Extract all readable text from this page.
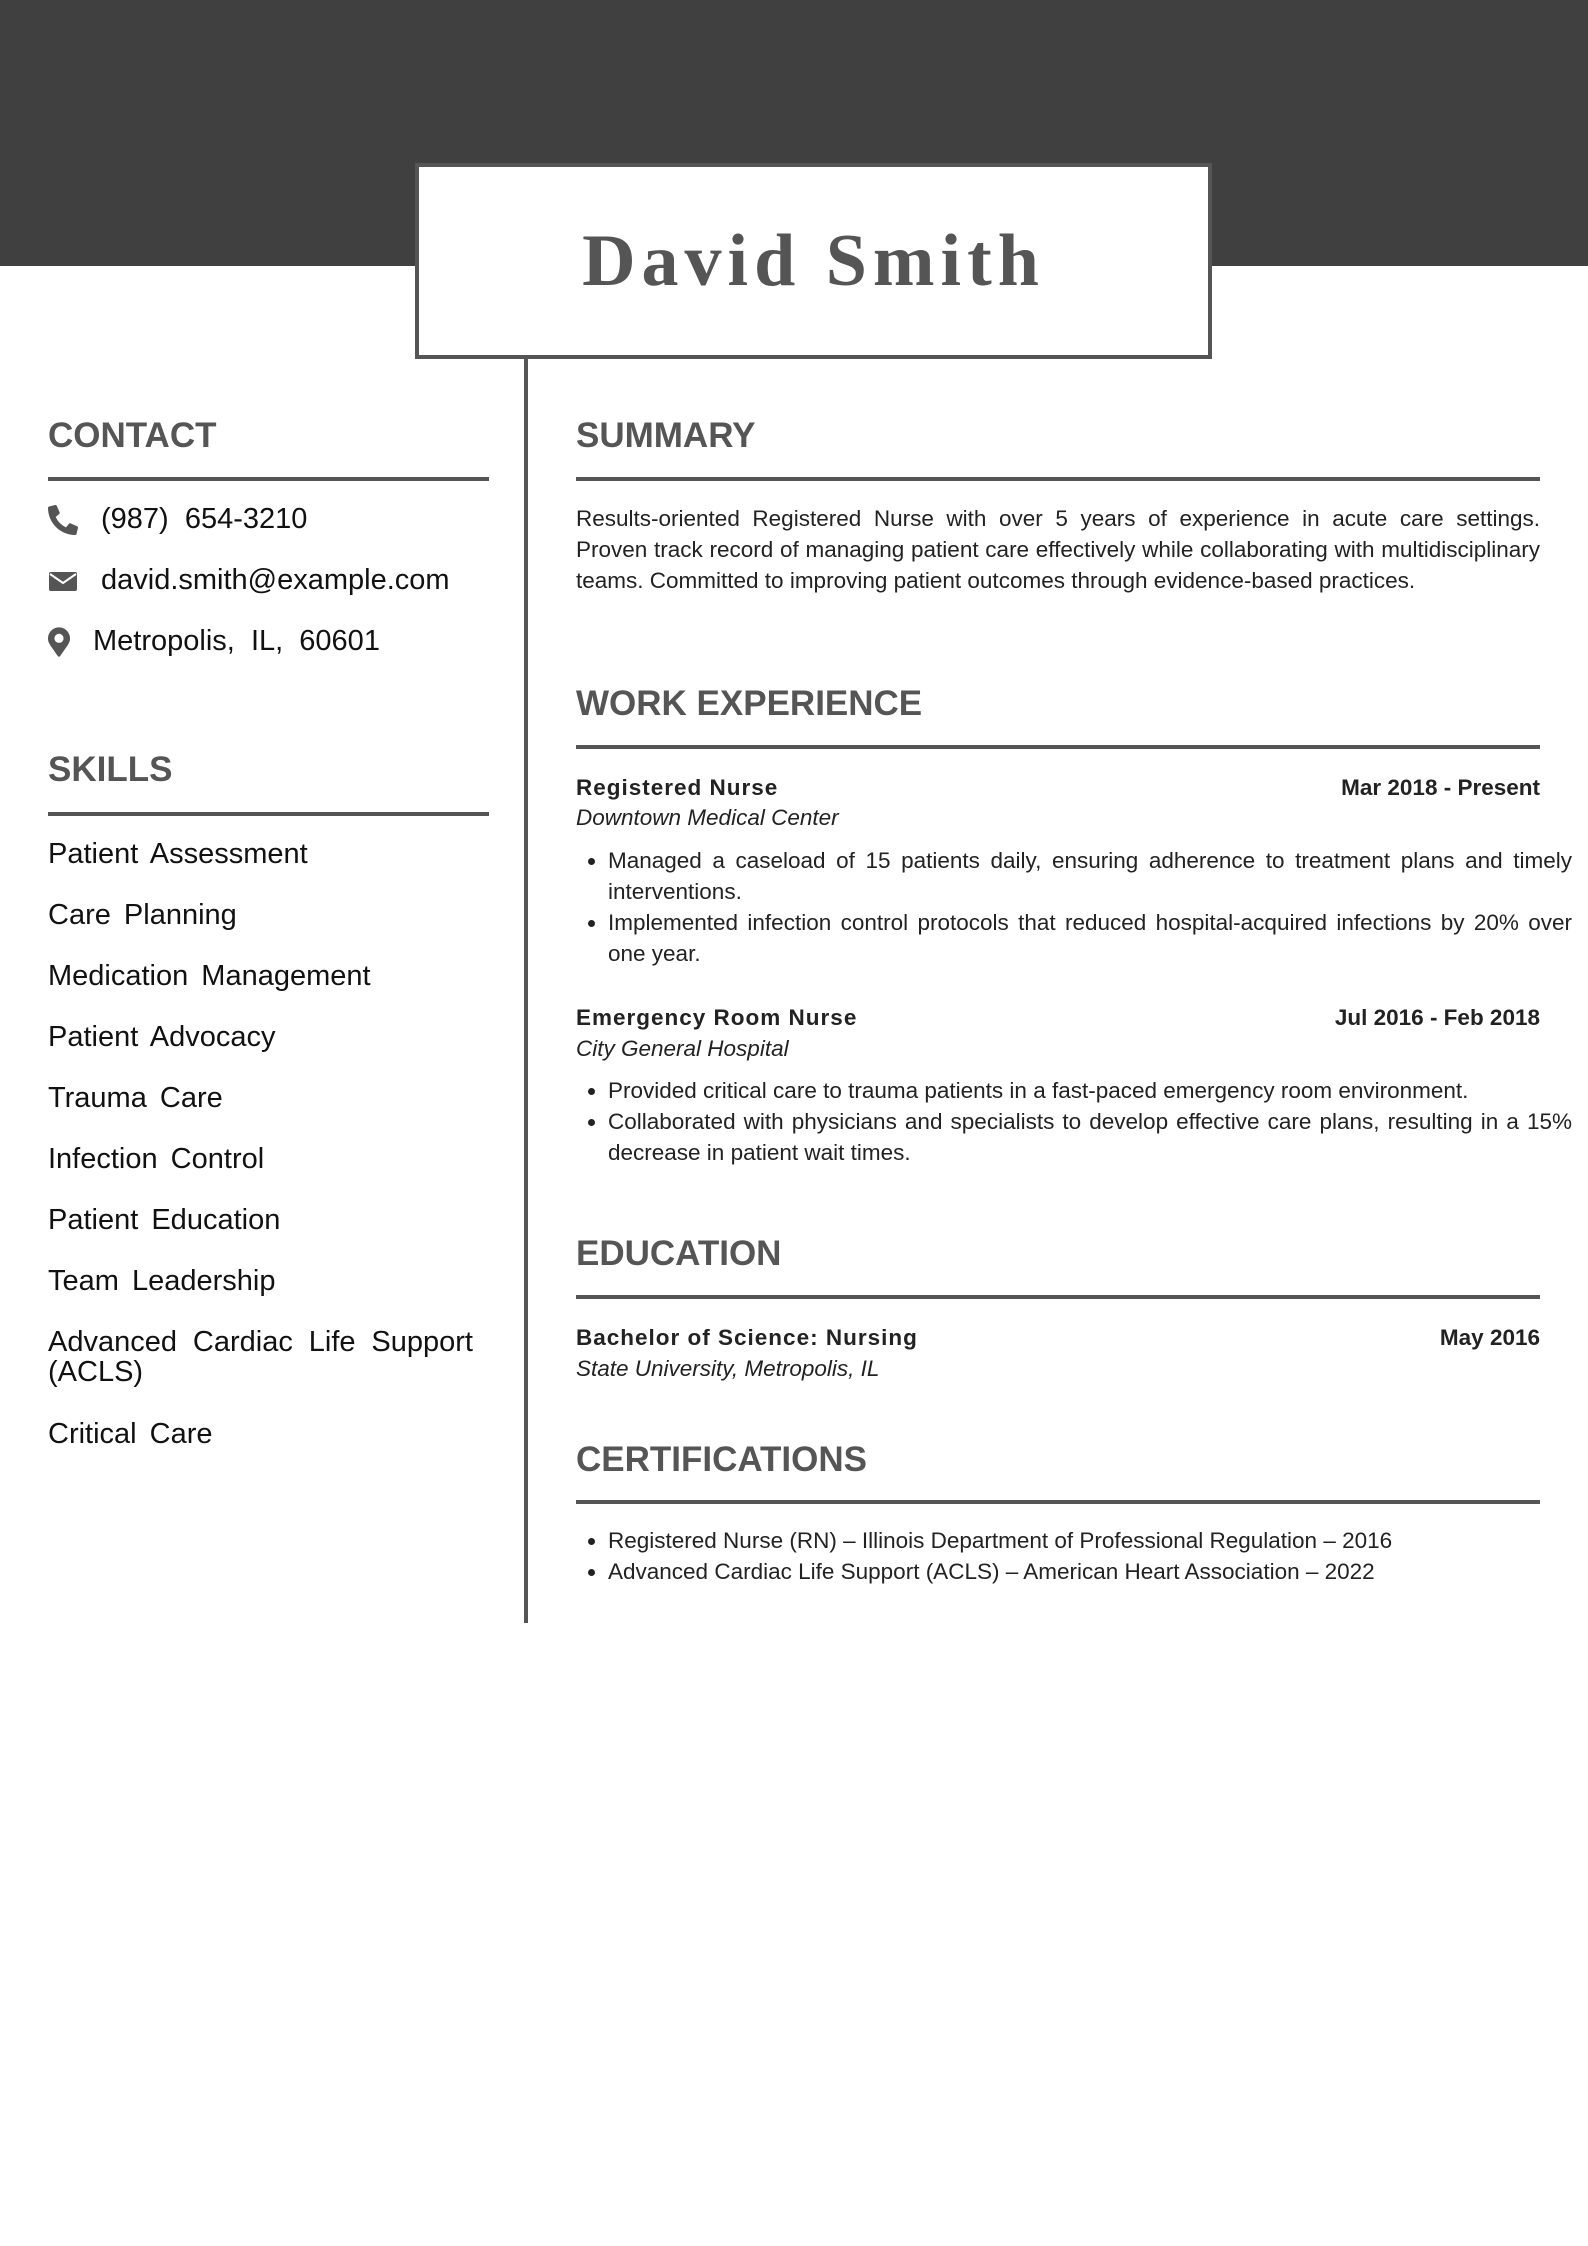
David Smith
CONTACT
(987)  654-3210
david.smith@example.com
Metropolis,  IL,  60601
SKILLS
Patient Assessment
Care Planning
Medication Management
Patient Advocacy
Trauma Care
Infection Control
Patient Education
Team Leadership
Advanced Cardiac Life Support (ACLS)
Critical Care
SUMMARY

Results-oriented Registered Nurse with over 5 years of experience in acute care settings. Proven track record of managing patient care effectively while collaborating with multidisciplinary teams. Committed to improving patient outcomes through evidence-based practices.

WORK EXPERIENCE
Registered Nurse	Mar 2018 - Present
Downtown Medical Center
• Managed a caseload of 15 patients daily, ensuring adherence to treatment plans and timely interventions.
• Implemented infection control protocols that reduced hospital-acquired infections by 20% over one year.
Emergency Room Nurse	Jul 2016 - Feb 2018
City General Hospital
• Provided critical care to trauma patients in a fast-paced emergency room environment.
• Collaborated with physicians and specialists to develop effective care plans, resulting in a 15% decrease in patient wait times.
EDUCATION
Bachelor of Science: Nursing	May 2016
State University, Metropolis, IL
CERTIFICATIONS
• Registered Nurse (RN) – Illinois Department of Professional Regulation – 2016
• Advanced Cardiac Life Support (ACLS) – American Heart Association – 2022
